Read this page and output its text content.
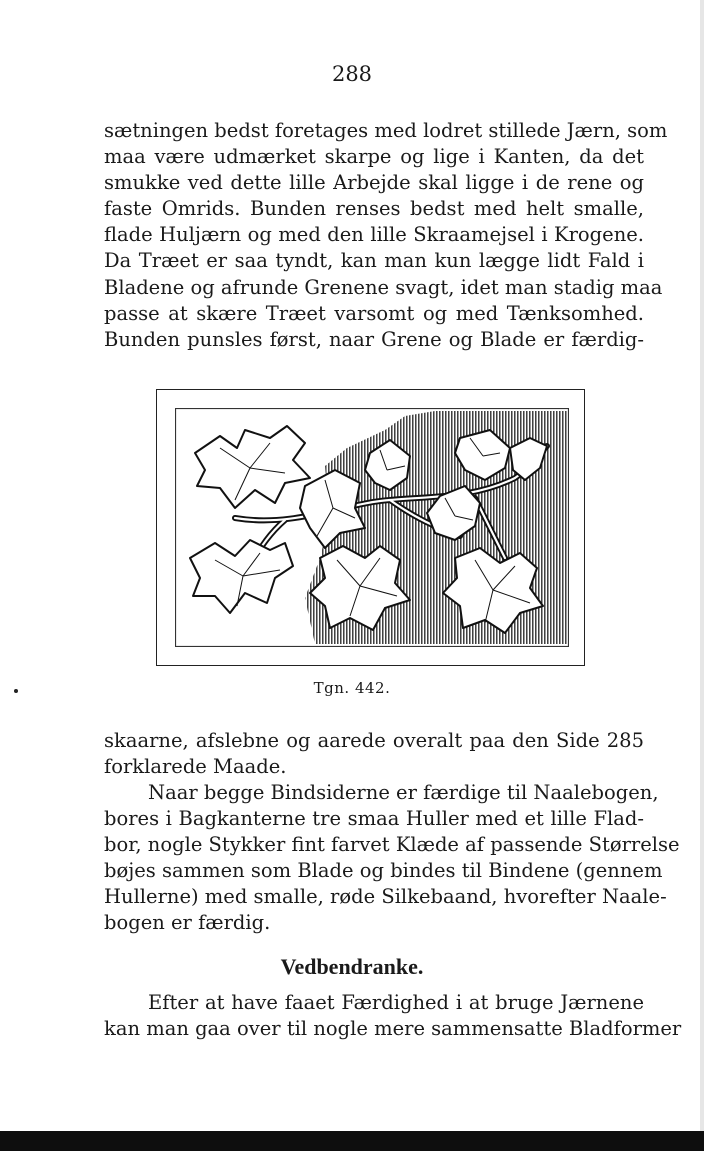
288

sætningen bedst foretages med lodret stillede Jærn, som
maa være udmærket skarpe og lige i Kanten, da det
smukke ved dette lille Arbejde skal ligge i de rene og
faste Omrids. Bunden renses bedst med helt smalle,
flade Huljærn og med den lille Skraamejsel i Krogene.
Da Træet er saa tyndt, kan man kun lægge lidt Fald i
Bladene og afrunde Grenene svagt, idet man stadig maa
passe at skære Træet varsomt og med Tænksomhed.
Bunden punsles først, naar Grene og Blade er færdig-

Tgn. 442.

skaarne, afslebne og aarede overalt paa den Side 285
forklarede Maade.

Naar begge Bindsiderne er færdige til Naalebogen,
bores i Bagkanterne tre smaa Huller med et lille Flad-
bor, nogle Stykker fint farvet Klæde af passende Størrelse
bøjes sammen som Blade og bindes til Bindene (gennem
Hullerne) med smalle, røde Silkebaand, hvorefter Naale-
bogen er færdig.

Vedbendranke.

Efter at have faaet Færdighed i at bruge Jærnene
kan man gaa over til nogle mere sammensatte Bladformer
